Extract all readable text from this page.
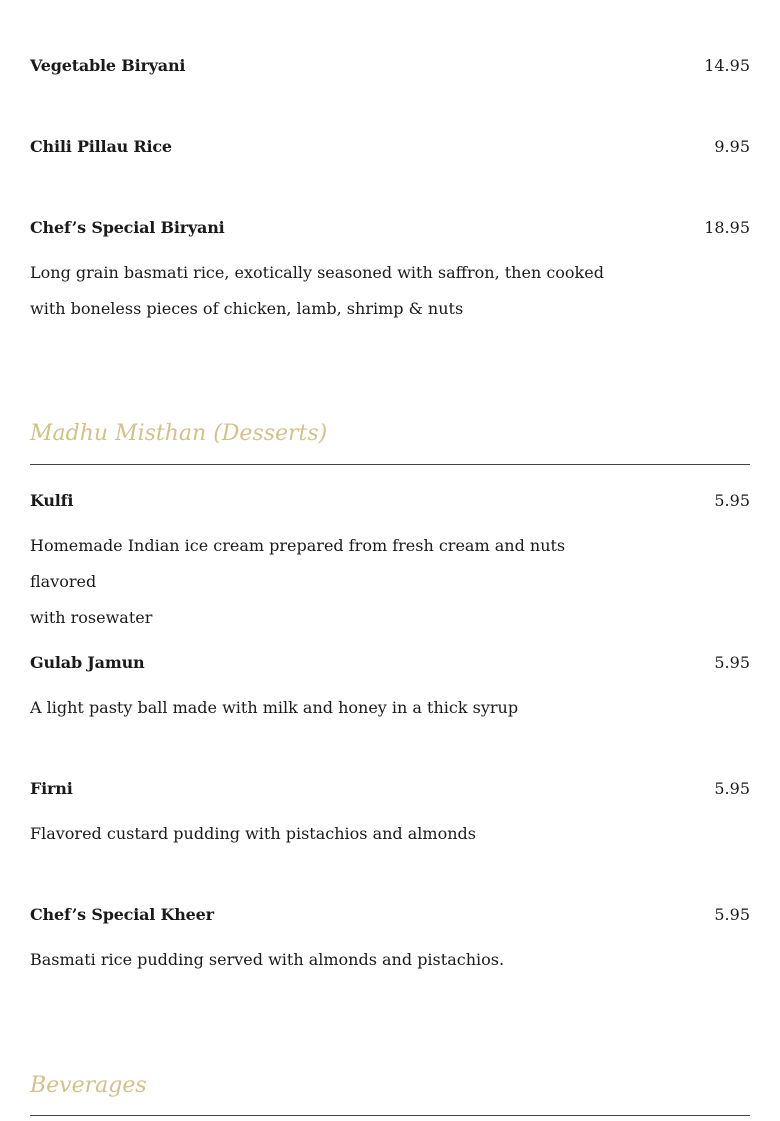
Vegetable Biryani	14.95
Chili Pillau Rice	9.95
Chef’s Special Biryani	18.95
Long grain basmati rice, exotically seasoned with saffron, then cooked
with boneless pieces of chicken, lamb, shrimp & nuts
Madhu Misthan (Desserts)
Kulfi	5.95
Homemade Indian ice cream prepared from fresh cream and nuts flavored
with rosewater
Gulab Jamun	5.95
A light pasty ball made with milk and honey in a thick syrup
Firni	5.95
Flavored custard pudding with pistachios and almonds
Chef’s Special Kheer	5.95
Basmati rice pudding served with almonds and pistachios.
Beverages
